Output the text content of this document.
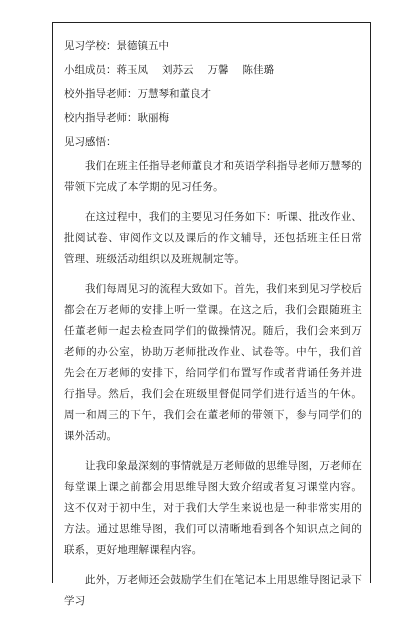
见习学校：景德镇五中

小组成员：蒋玉凤 刘苏云 万馨 陈佳璐

校外指导老师：万慧琴和董良才

校内指导老师：耿丽梅

见习感悟：

我们在班主任指导老师董良才和英语学科指导老师万慧琴的带领下完成了本学期的见习任务。

在这过程中，我们的主要见习任务如下：听课、批改作业、批阅试卷、审阅作文以及课后的作文辅导，还包括班主任日常管理、班级活动组织以及班规制定等。

我们每周见习的流程大致如下。首先，我们来到见习学校后都会在万老师的安排上听一堂课。在这之后，我们会跟随班主任董老师一起去检查同学们的做操情况。随后，我们会来到万老师的办公室，协助万老师批改作业、试卷等。中午，我们首先会在万老师的安排下，给同学们布置写作或者背诵任务并进行指导。然后，我们会在班级里督促同学们进行适当的午休。周一和周三的下午，我们会在董老师的带领下，参与同学们的课外活动。

让我印象最深刻的事情就是万老师做的思维导图，万老师在每堂课上课之前都会用思维导图大致介绍或者复习课堂内容。这不仅对于初中生，对于我们大学生来说也是一种非常实用的方法。通过思维导图，我们可以清晰地看到各个知识点之间的联系，更好地理解课程内容。

此外，万老师还会鼓励学生们在笔记本上用思维导图记录下学习
